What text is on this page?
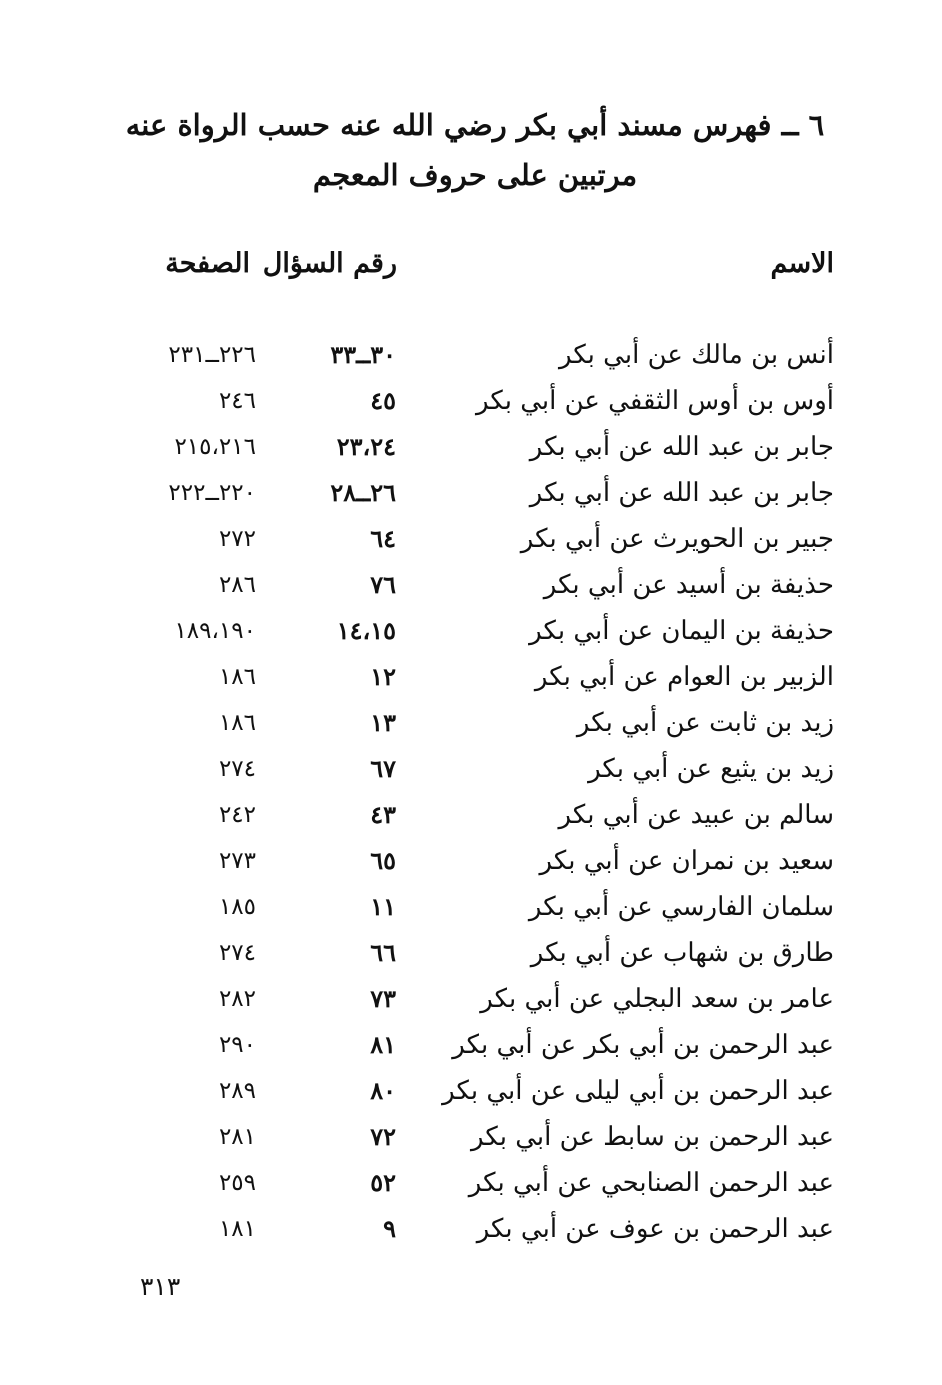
٦ ــ فهرس مسند أبي بكر رضي الله عنه حسب الرواة عنه مرتبين على حروف المعجم
الاسم
رقم السؤال
الصفحة
أنس بن مالك عن أبي بكر
٣٠ــ٣٣
٢٢٦ــ٢٣١
أوس بن أوس الثقفي عن أبي بكر
٤٥
٢٤٦
جابر بن عبد الله عن أبي بكر
٢٣،٢٤
٢١٥،٢١٦
جابر بن عبد الله عن أبي بكر
٢٦ــ٢٨
٢٢٠ــ٢٢٢
جبير بن الحويرث عن أبي بكر
٦٤
٢٧٢
حذيفة بن أسيد عن أبي بكر
٧٦
٢٨٦
حذيفة بن اليمان عن أبي بكر
١٤،١٥
١٨٩،١٩٠
الزبير بن العوام عن أبي بكر
١٢
١٨٦
زيد بن ثابت عن أبي بكر
١٣
١٨٦
زيد بن يثيع عن أبي بكر
٦٧
٢٧٤
سالم بن عبيد عن أبي بكر
٤٣
٢٤٢
سعيد بن نمران عن أبي بكر
٦٥
٢٧٣
سلمان الفارسي عن أبي بكر
١١
١٨٥
طارق بن شهاب عن أبي بكر
٦٦
٢٧٤
عامر بن سعد البجلي عن أبي بكر
٧٣
٢٨٢
عبد الرحمن بن أبي بكر عن أبي بكر
٨١
٢٩٠
عبد الرحمن بن أبي ليلى عن أبي بكر
٨٠
٢٨٩
عبد الرحمن بن سابط عن أبي بكر
٧٢
٢٨١
عبد الرحمن الصنابحي عن أبي بكر
٥٢
٢٥٩
عبد الرحمن بن عوف عن أبي بكر
٩
١٨١
٣١٣
